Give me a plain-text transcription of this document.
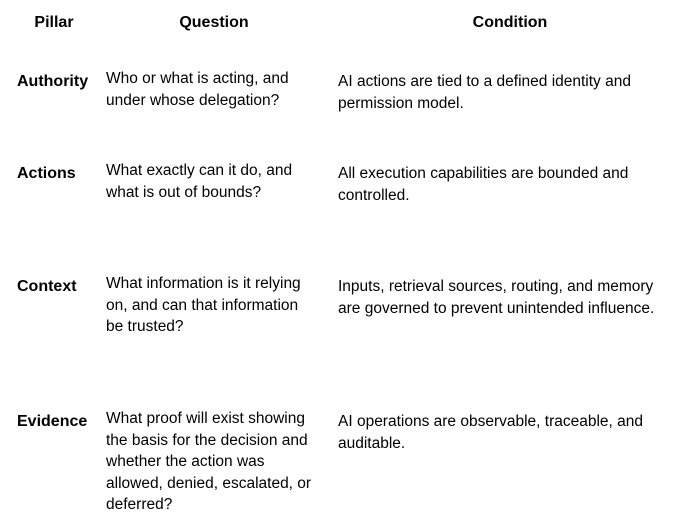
Pillar	Question	Condition
Authority Who or what is acting, and
under whose delegation?
AI actions are tied to a defined identity and
permission model.
Actions What exactly can it do, and
what is out of bounds?
All execution capabilities are bounded and
controlled.
Context What information is it relying
on, and can that information
be trusted?
Inputs, retrieval sources, routing, and memory
are governed to prevent unintended influence.
Evidence What proof will exist showing
the basis for the decision and
whether the action was
allowed, denied, escalated, or
deferred?
AI operations are observable, traceable, and
auditable.
